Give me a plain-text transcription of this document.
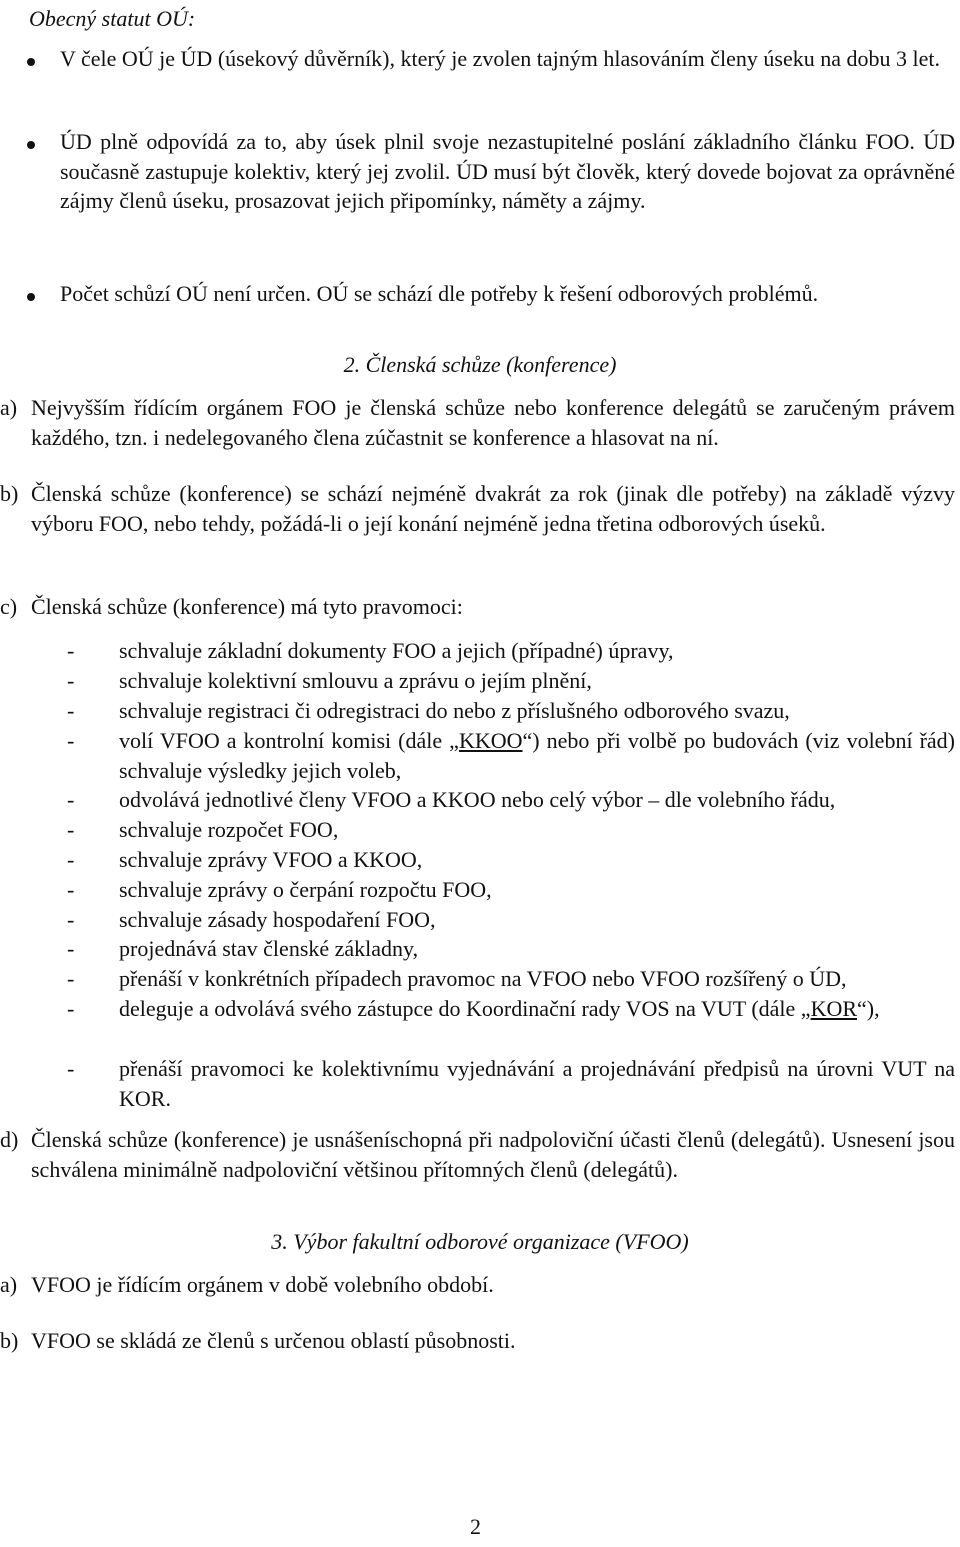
Obecný statut OÚ:
V čele OÚ je ÚD (úsekový důvěrník), který je zvolen tajným hlasováním členy úseku na dobu 3 let.
ÚD plně odpovídá za to, aby úsek plnil svoje nezastupitelné poslání základního článku FOO. ÚD současně zastupuje kolektiv, který jej zvolil. ÚD musí být člověk, který dovede bojovat za oprávněné zájmy členů úseku, prosazovat jejich připomínky, náměty a zájmy.
Počet schůzí OÚ není určen. OÚ se schází dle potřeby k řešení odborových problémů.
2. Členská schůze (konference)
a) Nejvyšším řídícím orgánem FOO je členská schůze nebo konference delegátů se zaručeným právem každého, tzn. i nedelegovaného člena zúčastnit se konference a hlasovat na ní.
b) Členská schůze (konference) se schází nejméně dvakrát za rok (jinak dle potřeby) na základě výzvy výboru FOO, nebo tehdy, požádá-li o její konání nejméně jedna třetina odborových úseků.
c) Členská schůze (konference) má tyto pravomoci:
- schvaluje základní dokumenty FOO a jejich (případné) úpravy,
- schvaluje kolektivní smlouvu a zprávu o jejím plnění,
- schvaluje registraci či odregistraci do nebo z příslušného odborového svazu,
- volí VFOO a kontrolní komisi (dále „KKOO“) nebo při volbě po budovách (viz volební řád) schvaluje výsledky jejich voleb,
- odvolává jednotlivé členy VFOO a KKOO nebo celý výbor – dle volebního řádu,
- schvaluje rozpočet FOO,
- schvaluje zprávy VFOO a KKOO,
- schvaluje zprávy o čerpání rozpočtu FOO,
- schvaluje zásady hospodaření FOO,
- projednává stav členské základny,
- přenáší v konkrétních případech pravomoc na VFOO nebo VFOO rozšířený o ÚD,
- deleguje a odvolává svého zástupce do Koordinační rady VOS na VUT (dále „KOR“),
- přenáší pravomoci ke kolektivnímu vyjednávání a projednávání předpisů na úrovni VUT na KOR.
d) Členská schůze (konference) je usnášeníschopná při nadpoloviční účasti členů (delegátů). Usnesení jsou schválena minimálně nadpoloviční většinou přítomných členů (delegátů).
3. Výbor fakultní odborové organizace (VFOO)
a) VFOO je řídícím orgánem v době volebního období.
b) VFOO se skládá ze členů s určenou oblastí působnosti.
2
